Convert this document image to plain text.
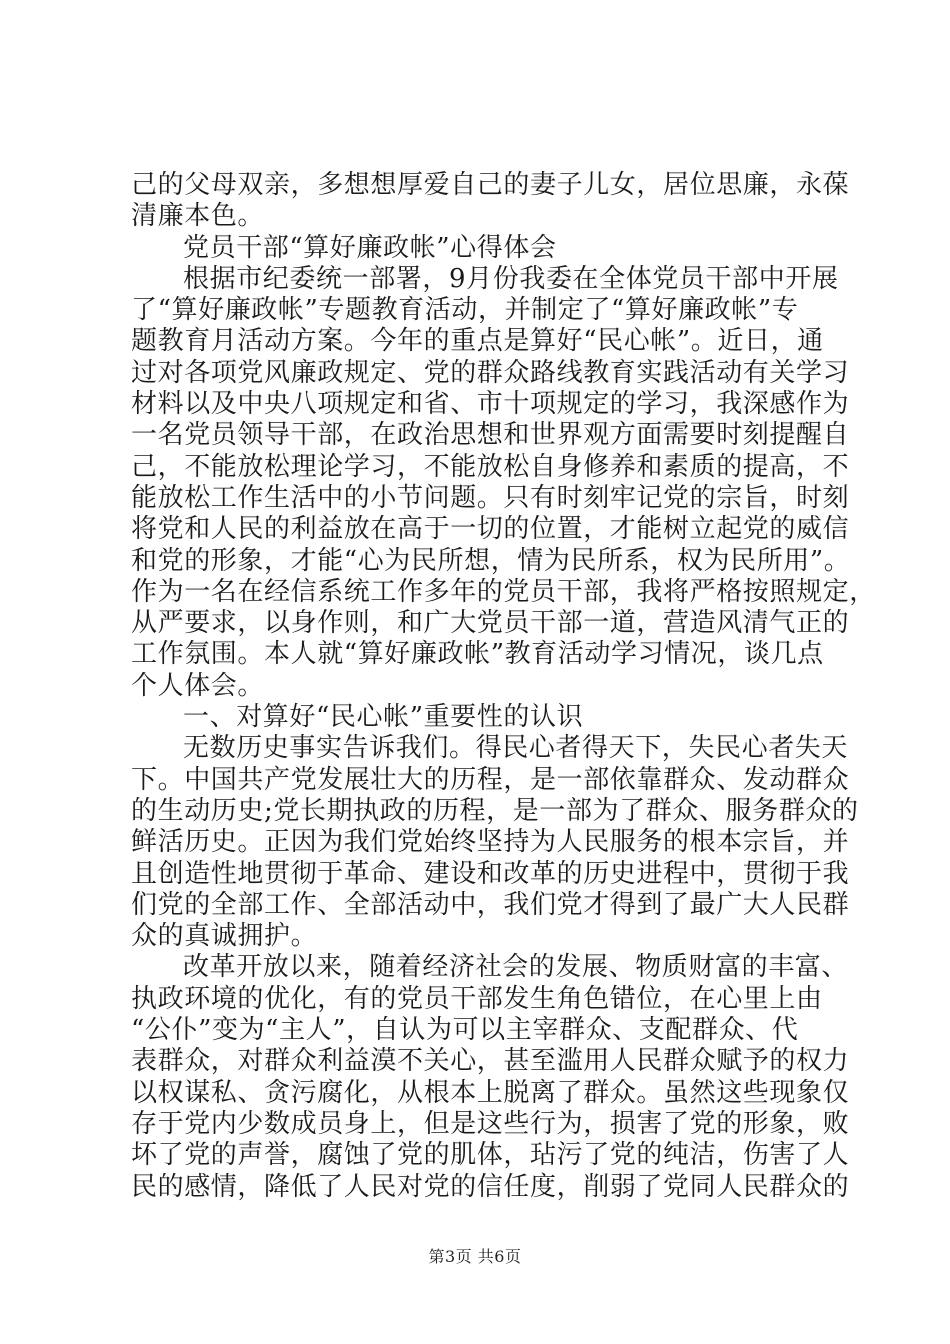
己的父母双亲，多想想厚爱自己的妻子儿女，居位思廉，永葆
清廉本色。
党员干部“算好廉政帐”心得体会
根据市纪委统一部署，9月份我委在全体党员干部中开展
了“算好廉政帐”专题教育活动，并制定了“算好廉政帐”专
题教育月活动方案。今年的重点是算好“民心帐”。近日，通
过对各项党风廉政规定、党的群众路线教育实践活动有关学习
材料以及中央八项规定和省、市十项规定的学习，我深感作为
一名党员领导干部，在政治思想和世界观方面需要时刻提醒自
己，不能放松理论学习，不能放松自身修养和素质的提高，不
能放松工作生活中的小节问题。只有时刻牢记党的宗旨，时刻
将党和人民的利益放在高于一切的位置，才能树立起党的威信
和党的形象，才能“心为民所想，情为民所系，权为民所用”。
作为一名在经信系统工作多年的党员干部，我将严格按照规定，
从严要求，以身作则，和广大党员干部一道，营造风清气正的
工作氛围。本人就“算好廉政帐”教育活动学习情况，谈几点
个人体会。
一、对算好“民心帐”重要性的认识
无数历史事实告诉我们。得民心者得天下，失民心者失天
下。中国共产党发展壮大的历程，是一部依靠群众、发动群众
的生动历史;党长期执政的历程，是一部为了群众、服务群众的
鲜活历史。正因为我们党始终坚持为人民服务的根本宗旨，并
且创造性地贯彻于革命、建设和改革的历史进程中，贯彻于我
们党的全部工作、全部活动中，我们党才得到了最广大人民群
众的真诚拥护。
改革开放以来，随着经济社会的发展、物质财富的丰富、
执政环境的优化，有的党员干部发生角色错位，在心里上由
“公仆”变为“主人”，自认为可以主宰群众、支配群众、代
表群众，对群众利益漠不关心，甚至滥用人民群众赋予的权力
以权谋私、贪污腐化，从根本上脱离了群众。虽然这些现象仅
存于党内少数成员身上，但是这些行为，损害了党的形象，败
坏了党的声誉，腐蚀了党的肌体，玷污了党的纯洁，伤害了人
民的感情，降低了人民对党的信任度，削弱了党同人民群众的
第3页 共6页
